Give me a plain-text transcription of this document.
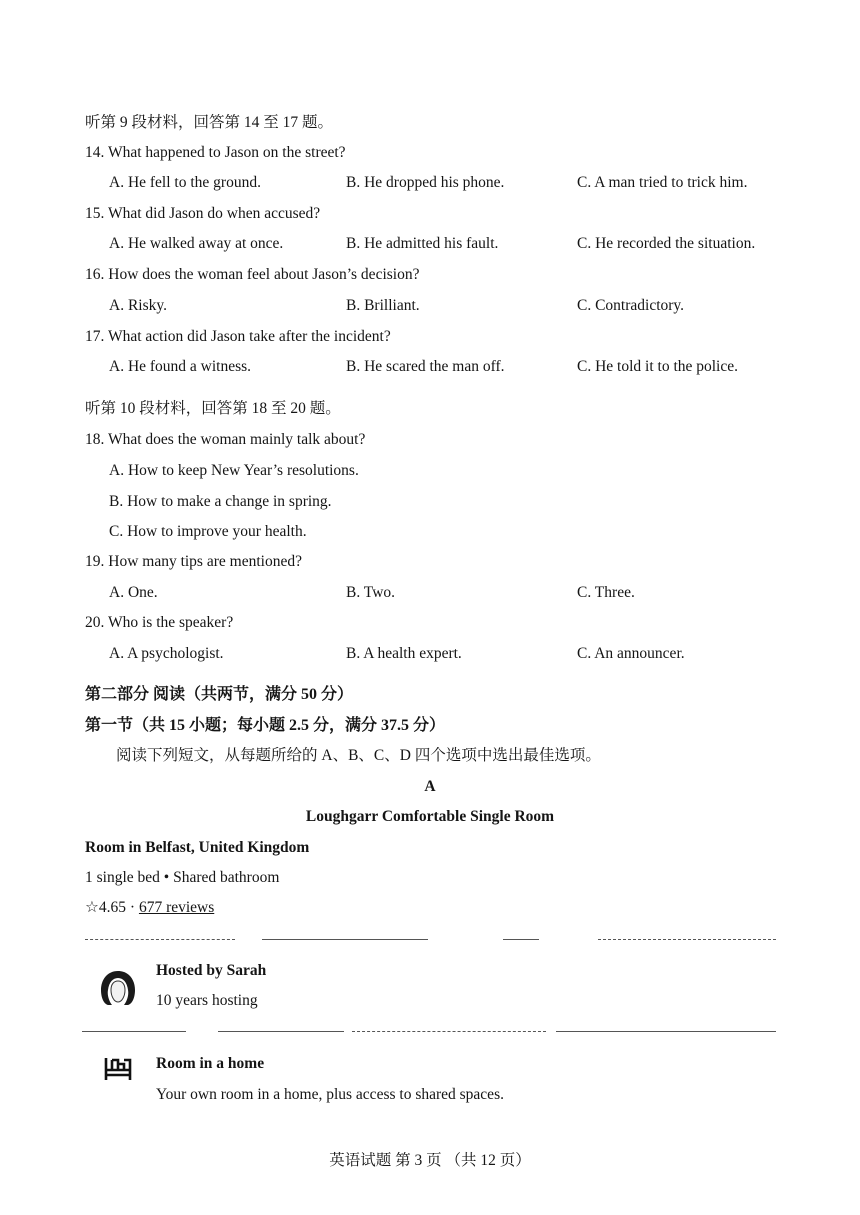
听第 9 段材料，回答第 14 至 17 题。
14. What happened to Jason on the street?
A. He fell to the ground.	B. He dropped his phone.	C. A man tried to trick him.
15. What did Jason do when accused?
A. He walked away at once.	B. He admitted his fault.	C. He recorded the situation.
16. How does the woman feel about Jason’s decision?
A. Risky.	B. Brilliant.	C. Contradictory.
17. What action did Jason take after the incident?
A. He found a witness.	B. He scared the man off.	C. He told it to the police.
听第 10 段材料，回答第 18 至 20 题。
18. What does the woman mainly talk about?
A. How to keep New Year’s resolutions.
B. How to make a change in spring.
C. How to improve your health.
19. How many tips are mentioned?
A. One.	B. Two.	C. Three.
20. Who is the speaker?
A. A psychologist.	B. A health expert.	C. An announcer.
第二部分 阅读（共两节，满分 50 分）
第一节（共 15 小题；每小题 2.5 分，满分 37.5 分）
阅读下列短文，从每题所给的 A、B、C、D 四个选项中选出最佳选项。
A
Loughgarr Comfortable Single Room
Room in Belfast, United Kingdom
1 single bed • Shared bathroom
☆4.65 · 677 reviews
Hosted by Sarah
10 years hosting
Room in a home
Your own room in a home, plus access to shared spaces.
英语试题 第 3 页 （共 12 页）
